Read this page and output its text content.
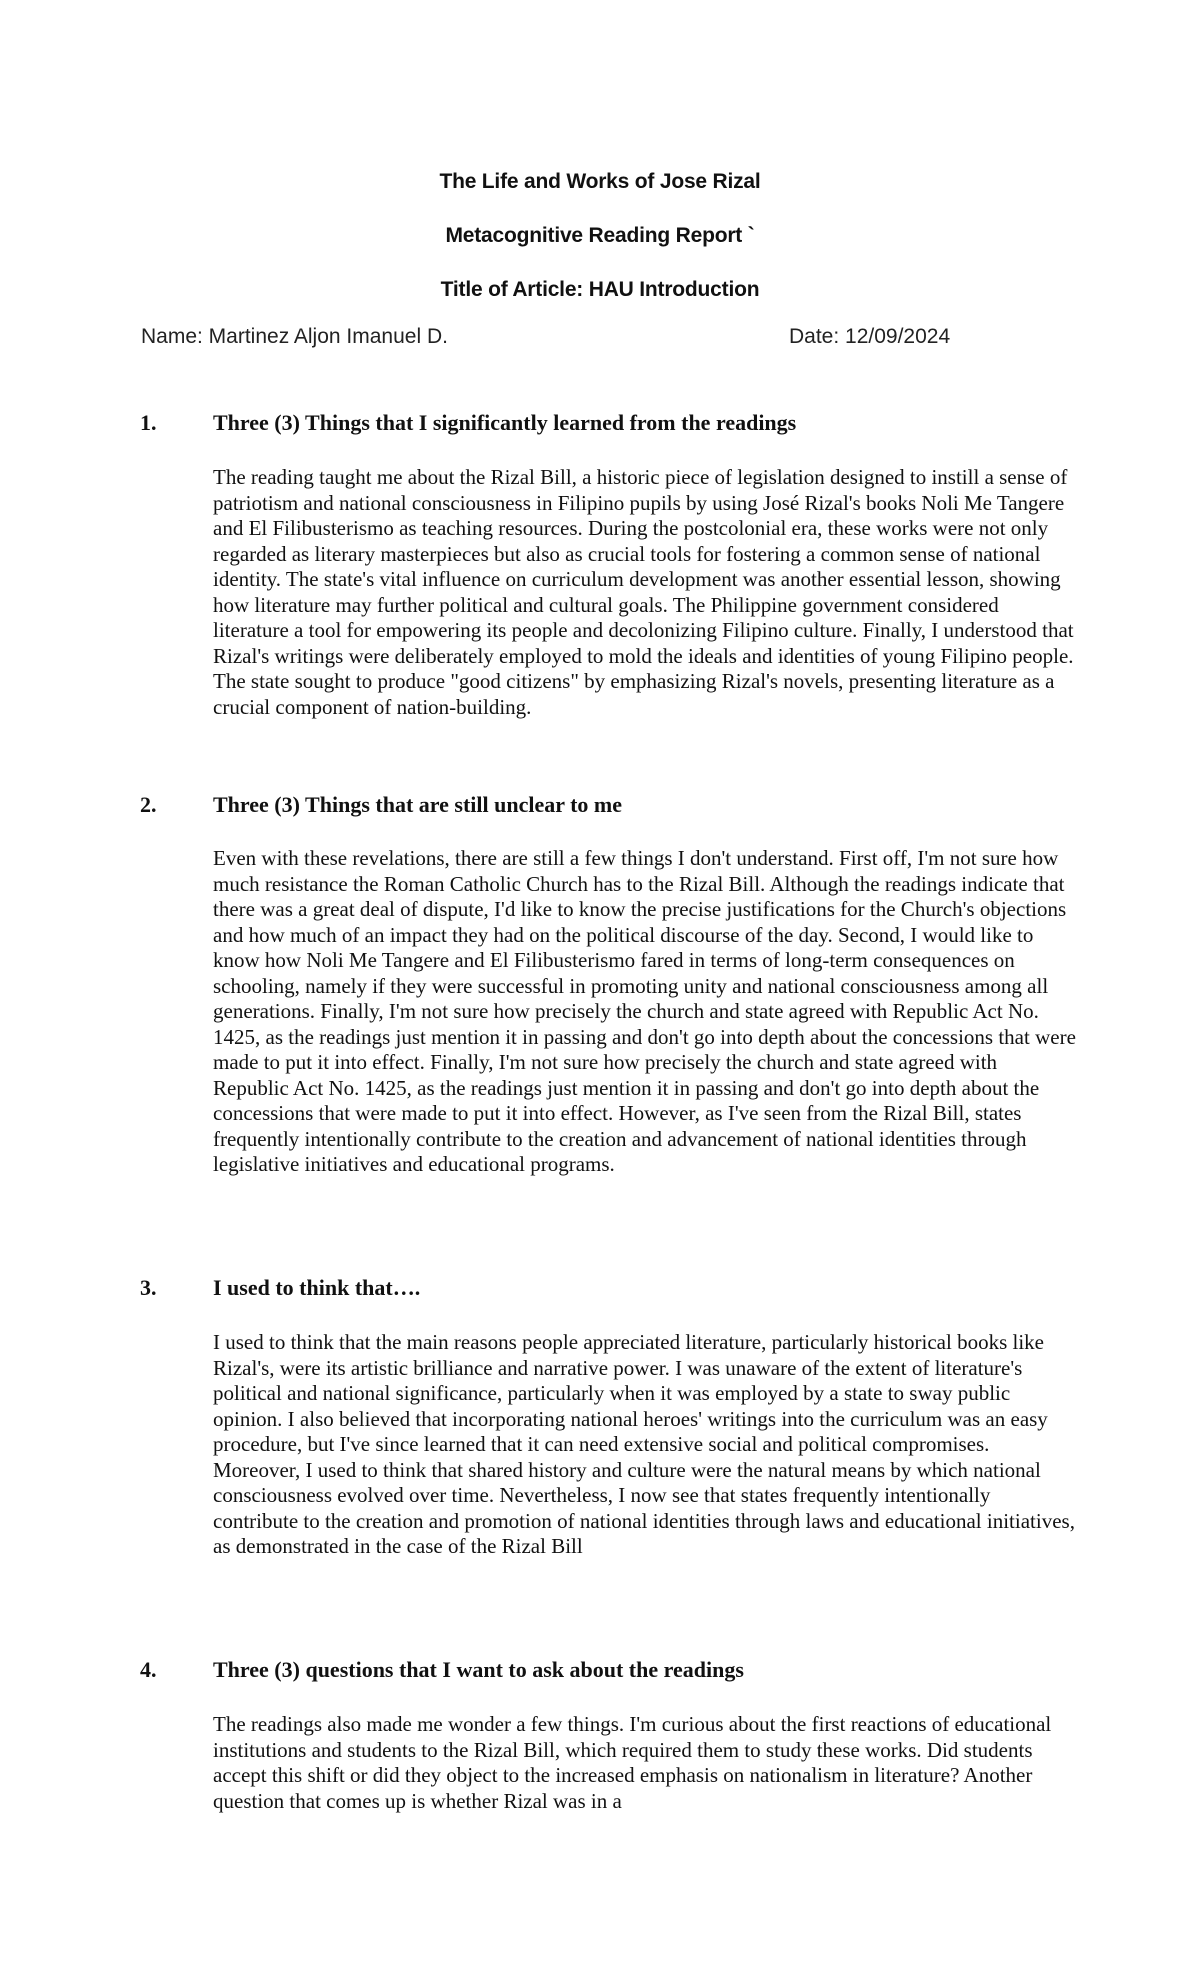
The Life and Works of Jose Rizal
Metacognitive Reading Report `
Title of Article: HAU Introduction
Name: Martinez Aljon Imanuel D.	Date: 12/09/2024
1.	Three (3) Things that I significantly learned from the readings
The reading taught me about the Rizal Bill, a historic piece of legislation designed to instill a sense of patriotism and national consciousness in Filipino pupils by using José Rizal's books Noli Me Tangere and El Filibusterismo as teaching resources. During the postcolonial era, these works were not only regarded as literary masterpieces but also as crucial tools for fostering a common sense of national identity. The state's vital influence on curriculum development was another essential lesson, showing how literature may further political and cultural goals. The Philippine government considered literature a tool for empowering its people and decolonizing Filipino culture. Finally, I understood that Rizal's writings were deliberately employed to mold the ideals and identities of young Filipino people. The state sought to produce "good citizens" by emphasizing Rizal's novels, presenting literature as a crucial component of nation-building.
2.	Three (3) Things that are still unclear to me
Even with these revelations, there are still a few things I don't understand. First off, I'm not sure how much resistance the Roman Catholic Church has to the Rizal Bill. Although the readings indicate that there was a great deal of dispute, I'd like to know the precise justifications for the Church's objections and how much of an impact they had on the political discourse of the day. Second, I would like to know how Noli Me Tangere and El Filibusterismo fared in terms of long-term consequences on schooling, namely if they were successful in promoting unity and national consciousness among all generations. Finally, I'm not sure how precisely the church and state agreed with Republic Act No. 1425, as the readings just mention it in passing and don't go into depth about the concessions that were made to put it into effect. Finally, I'm not sure how precisely the church and state agreed with Republic Act No. 1425, as the readings just mention it in passing and don't go into depth about the concessions that were made to put it into effect. However, as I've seen from the Rizal Bill, states frequently intentionally contribute to the creation and advancement of national identities through legislative initiatives and educational programs.
3.	I used to think that….
I used to think that the main reasons people appreciated literature, particularly historical books like Rizal's, were its artistic brilliance and narrative power. I was unaware of the extent of literature's political and national significance, particularly when it was employed by a state to sway public opinion. I also believed that incorporating national heroes' writings into the curriculum was an easy procedure, but I've since learned that it can need extensive social and political compromises. Moreover, I used to think that shared history and culture were the natural means by which national consciousness evolved over time. Nevertheless, I now see that states frequently intentionally contribute to the creation and promotion of national identities through laws and educational initiatives, as demonstrated in the case of the Rizal Bill
4.	Three (3) questions that I want to ask about the readings
The readings also made me wonder a few things. I'm curious about the first reactions of educational institutions and students to the Rizal Bill, which required them to study these works. Did students accept this shift or did they object to the increased emphasis on nationalism in literature? Another question that comes up is whether Rizal was in a
